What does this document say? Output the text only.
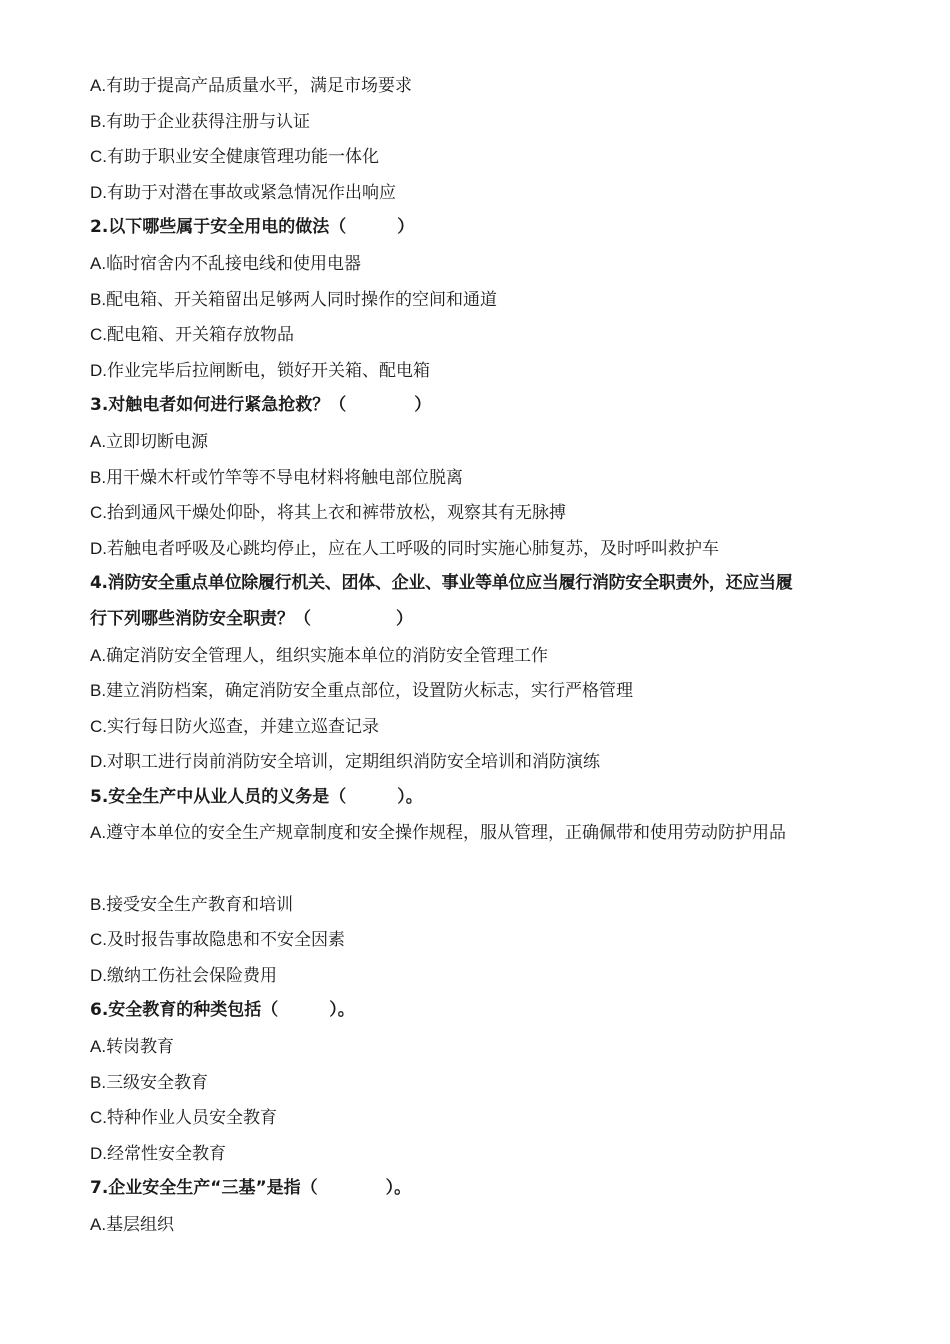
A.有助于提高产品质量水平，满足市场要求
B.有助于企业获得注册与认证
C.有助于职业安全健康管理功能一体化
D.有助于对潜在事故或紧急情况作出响应
2.以下哪些属于安全用电的做法（　　　）
A.临时宿舍内不乱接电线和使用电器
B.配电箱、开关箱留出足够两人同时操作的空间和通道
C.配电箱、开关箱存放物品
D.作业完毕后拉闸断电，锁好开关箱、配电箱
3.对触电者如何进行紧急抢救？（　　　　）
A.立即切断电源
B.用干燥木杆或竹竿等不导电材料将触电部位脱离
C.抬到通风干燥处仰卧，将其上衣和裤带放松，观察其有无脉搏
D.若触电者呼吸及心跳均停止，应在人工呼吸的同时实施心肺复苏，及时呼叫救护车
4.消防安全重点单位除履行机关、团体、企业、事业等单位应当履行消防安全职责外，还应当履
行下列哪些消防安全职责？（　　　　　）
A.确定消防安全管理人，组织实施本单位的消防安全管理工作
B.建立消防档案，确定消防安全重点部位，设置防火标志，实行严格管理
C.实行每日防火巡查，并建立巡查记录
D.对职工进行岗前消防安全培训，定期组织消防安全培训和消防演练
5.安全生产中从业人员的义务是（　　　）。
A.遵守本单位的安全生产规章制度和安全操作规程，服从管理，正确佩带和使用劳动防护用品
B.接受安全生产教育和培训
C.及时报告事故隐患和不安全因素
D.缴纳工伤社会保险费用
6.安全教育的种类包括（　　　）。
A.转岗教育
B.三级安全教育
C.特种作业人员安全教育
D.经常性安全教育
7.企业安全生产“三基”是指（　　　　）。
A.基层组织
